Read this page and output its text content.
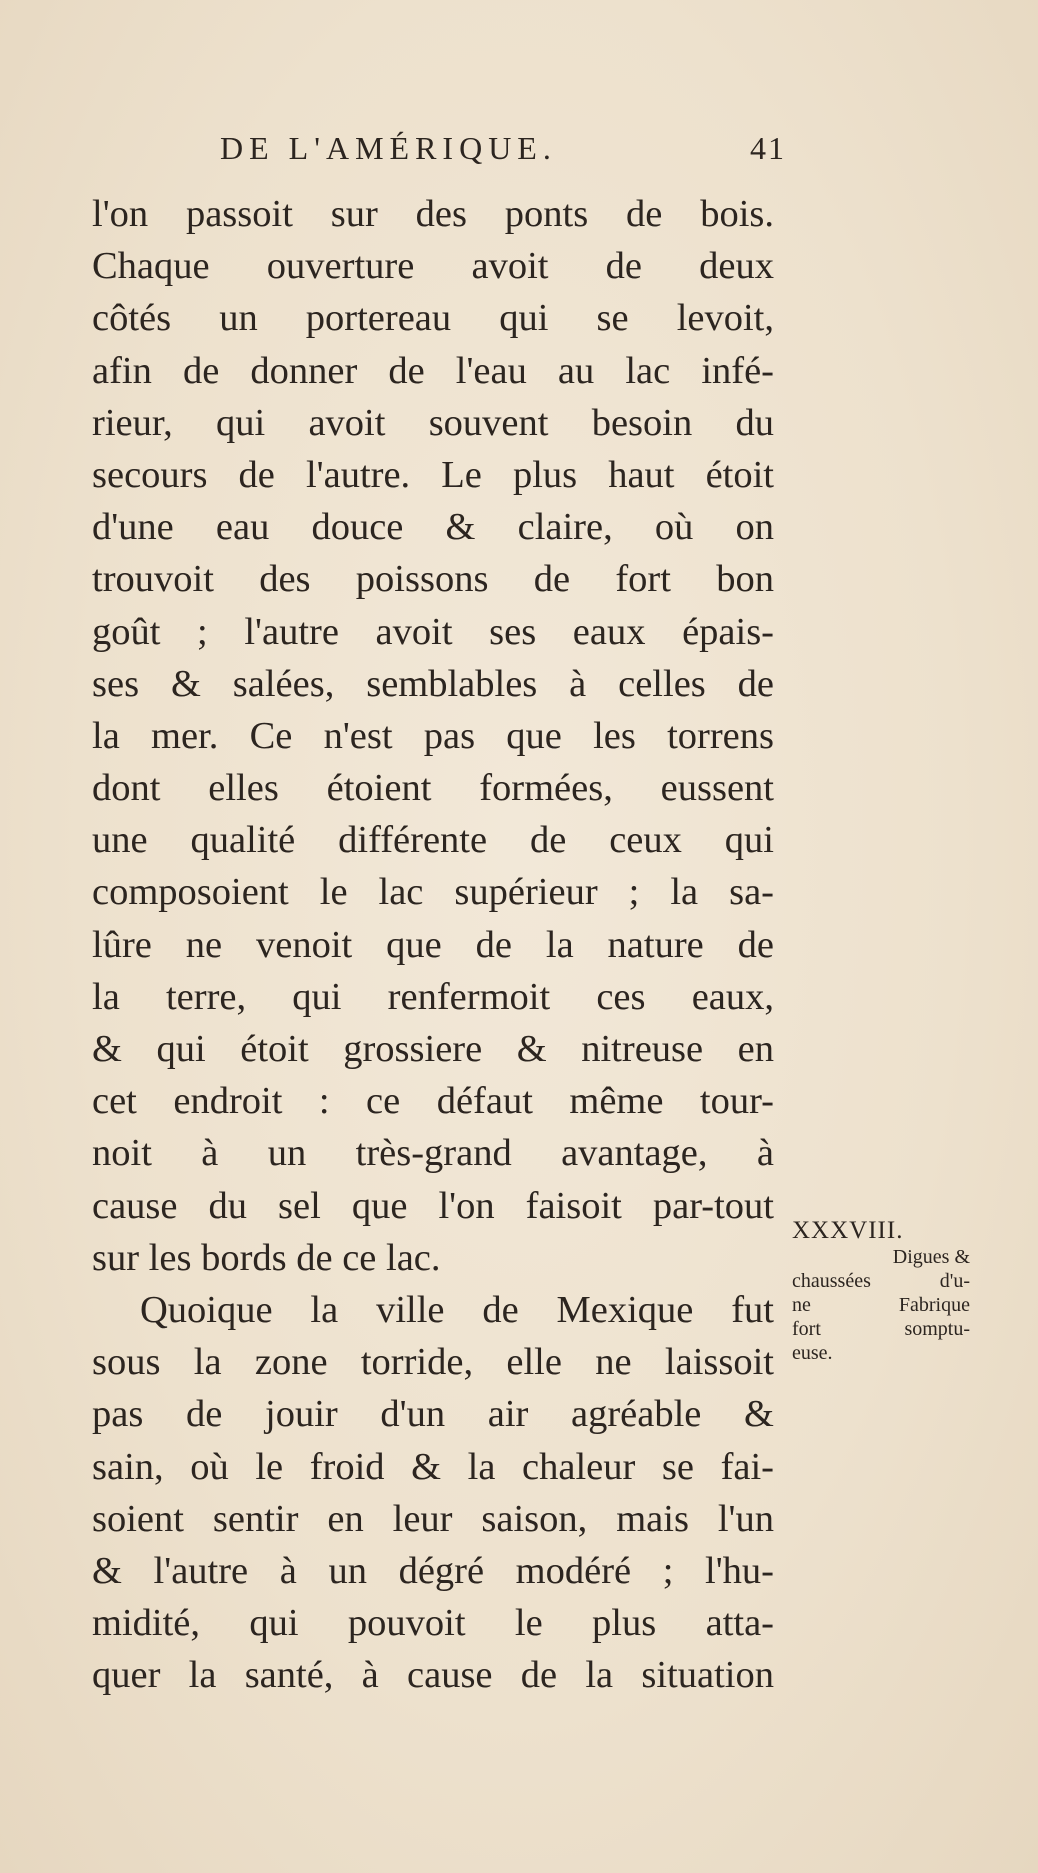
DE L'AMÉRIQUE.	41
l'on passoit sur des ponts de bois.
Chaque ouverture avoit de deux
côtés un portereau qui se levoit,
afin de donner de l'eau au lac infé-
rieur, qui avoit souvent besoin du
secours de l'autre. Le plus haut étoit
d'une eau douce & claire, où on
trouvoit des poissons de fort bon
goût ; l'autre avoit ses eaux épais-
ses & salées, semblables à celles de
la mer. Ce n'est pas que les torrens
dont elles étoient formées, eussent
une qualité différente de ceux qui
composoient le lac supérieur ; la sa-
lûre ne venoit que de la nature de
la terre, qui renfermoit ces eaux,
& qui étoit grossiere & nitreuse en
cet endroit : ce défaut même tour-
noit à un très-grand avantage, à
cause du sel que l'on faisoit par-tout
sur les bords de ce lac.
Quoique la ville de Mexique fut
sous la zone torride, elle ne laissoit
pas de jouir d'un air agréable &
sain, où le froid & la chaleur se fai-
soient sentir en leur saison, mais l'un
& l'autre à un dégré modéré ; l'hu-
midité, qui pouvoit le plus atta-
quer la santé, à cause de la situation
XXXVIII.
Digues &
chaussées d'u-
ne Fabrique
fort somptu-
euse.
